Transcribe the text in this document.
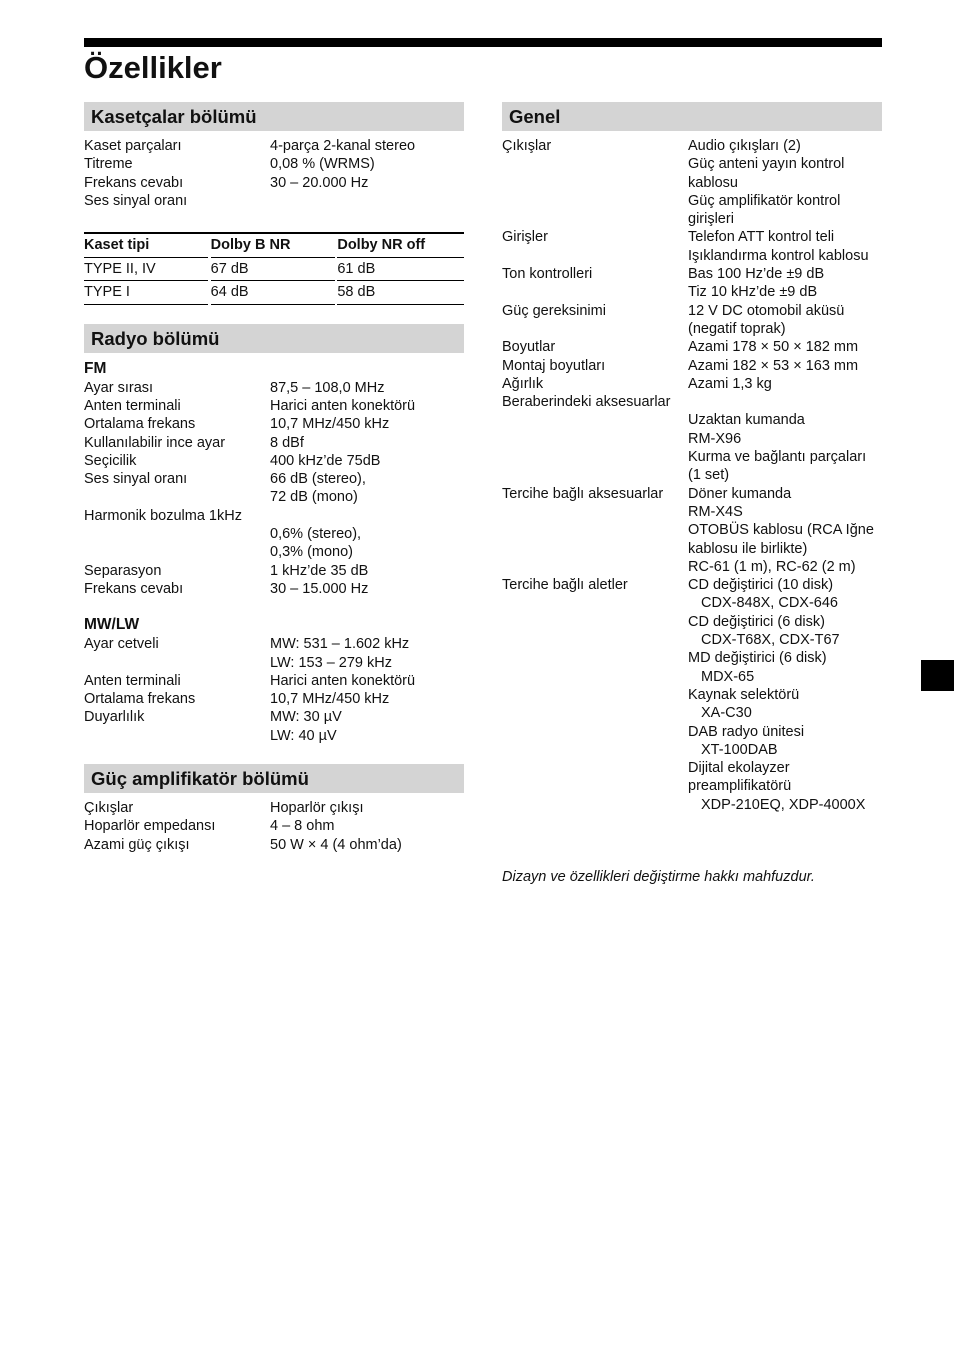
Özellikler
Kasetçalar bölümü
Kaset parçaları	4-parça 2-kanal stereo
Titreme	0,08 % (WRMS)
Frekans cevabı	30 – 20.000 Hz
Ses sinyal oranı
Kaset tipi	Dolby B NR	Dolby NR off
TYPE II, IV	67 dB	61 dB
TYPE I	64 dB	58 dB
Radyo bölümü
FM
Ayar sırası	87,5 – 108,0 MHz
Anten terminali	Harici anten konektörü
Ortalama frekans	10,7 MHz/450 kHz
Kullanılabilir ince ayar	8 dBf
Seçicilik	400 kHz’de 75dB
Ses sinyal oranı	66 dB (stereo),
72 dB (mono)
Harmonik bozulma 1kHz
0,6% (stereo),
0,3% (mono)
Separasyon	1 kHz’de 35 dB
Frekans cevabı	30 – 15.000 Hz
MW/LW
Ayar cetveli	MW: 531 – 1.602 kHz
LW: 153 – 279 kHz
Anten terminali	Harici anten konektörü
Ortalama frekans	10,7 MHz/450 kHz
Duyarlılık	MW: 30 µV
LW: 40 µV
Güç amplifikatör bölümü
Çıkışlar	Hoparlör çıkışı
Hoparlör empedansı	4 – 8 ohm
Azami güç çıkışı	50 W × 4 (4 ohm’da)
Genel
Çıkışlar	Audio çıkışları (2)
Güç anteni yayın kontrol kablosu
Güç amplifikatör kontrol girişleri
Girişler	Telefon ATT kontrol teli
Işıklandırma kontrol kablosu
Ton kontrolleri	Bas 100 Hz’de ±9 dB
Tiz 10 kHz’de ±9 dB
Güç gereksinimi	12 V DC otomobil aküsü (negatif toprak)
Boyutlar	Azami 178 × 50 × 182 mm
Montaj boyutları	Azami 182 × 53 × 163 mm
Ağırlık	Azami 1,3 kg
Beraberindeki aksesuarlar
Uzaktan kumanda
RM-X96
Kurma ve bağlantı parçaları (1 set)
Tercihe bağlı aksesuarlar	Döner kumanda
RM-X4S
OTOBÜS kablosu (RCA Iğne kablosu ile birlikte)
RC-61 (1 m), RC-62 (2 m)
Tercihe bağlı aletler	CD değiştirici (10 disk)
CDX-848X, CDX-646
CD değiştirici (6 disk)
CDX-T68X, CDX-T67
MD değiştirici (6 disk)
MDX-65
Kaynak selektörü
XA-C30
DAB radyo ünitesi
XT-100DAB
Dijital ekolayzer preamplifikatörü
XDP-210EQ, XDP-4000X
Dizayn ve özellikleri değiştirme hakkı mahfuzdur.
